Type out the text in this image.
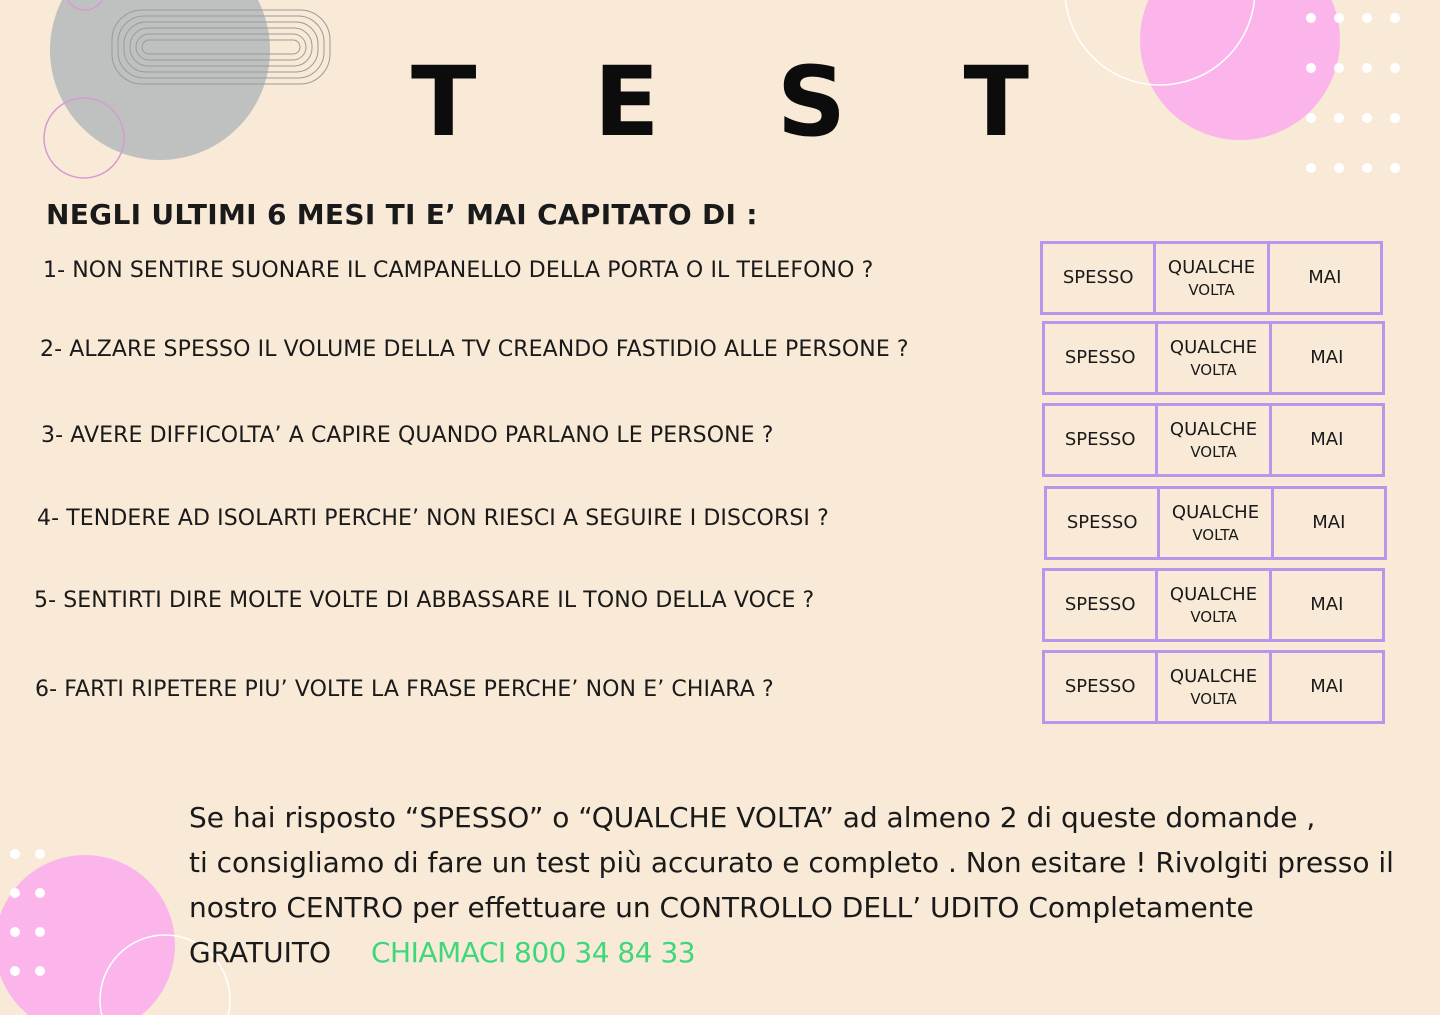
T E S T
NEGLI ULTIMI 6 MESI TI E’ MAI CAPITATO DI :
1- NON SENTIRE SUONARE IL CAMPANELLO DELLA PORTA O IL TELEFONO ?
2- ALZARE SPESSO IL VOLUME DELLA TV CREANDO FASTIDIO ALLE PERSONE ?
3- AVERE DIFFICOLTA’ A CAPIRE QUANDO PARLANO LE PERSONE ?
4- TENDERE AD ISOLARTI PERCHE’ NON RIESCI A SEGUIRE I DISCORSI ?
5- SENTIRTI DIRE MOLTE VOLTE DI ABBASSARE IL TONO DELLA VOCE ?
6- FARTI RIPETERE PIU’ VOLTE LA FRASE PERCHE’ NON E’ CHIARA ?
SPESSO QUALCHE
VOLTA
MAI
SPESSO QUALCHE
VOLTA
MAI
SPESSO QUALCHE
VOLTA
MAI
SPESSO QUALCHE
VOLTA
MAI
SPESSO QUALCHE
VOLTA
MAI
SPESSO QUALCHE
VOLTA
MAI

Se hai risposto “SPESSO” o “QUALCHE VOLTA” ad almeno 2 di queste domande ,

ti consigliamo di fare un test più accurato e completo . Non esitare ! Rivolgiti presso il

nostro CENTRO per effettuare un CONTROLLO DELL’ UDITO Completamente

GRATUITO CHIAMACI 800 34 84 33
